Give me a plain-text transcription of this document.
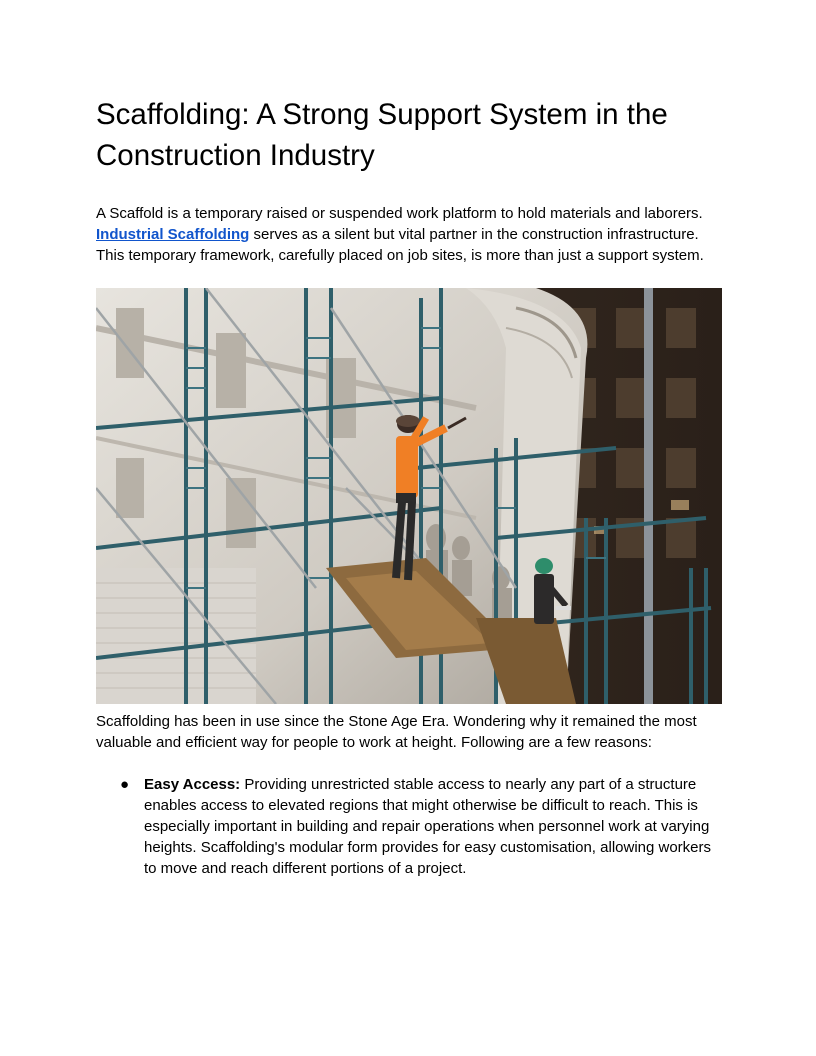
Scaffolding: A Strong Support System in the Construction Industry

A Scaffold is a temporary raised or suspended work platform to hold materials and laborers. Industrial Scaffolding serves as a silent but vital partner in the construction infrastructure. This temporary framework, carefully placed on job sites, is more than just a support system.

Scaffolding has been in use since the Stone Age Era. Wondering why it remained the most valuable and efficient way for people to work at height. Following are a few reasons:

● Easy Access: Providing unrestricted stable access to nearly any part of a structure enables access to elevated regions that might otherwise be difficult to reach. This is especially important in building and repair operations when personnel work at varying heights. Scaffolding's modular form provides for easy customisation, allowing workers to move and reach different portions of a project.
